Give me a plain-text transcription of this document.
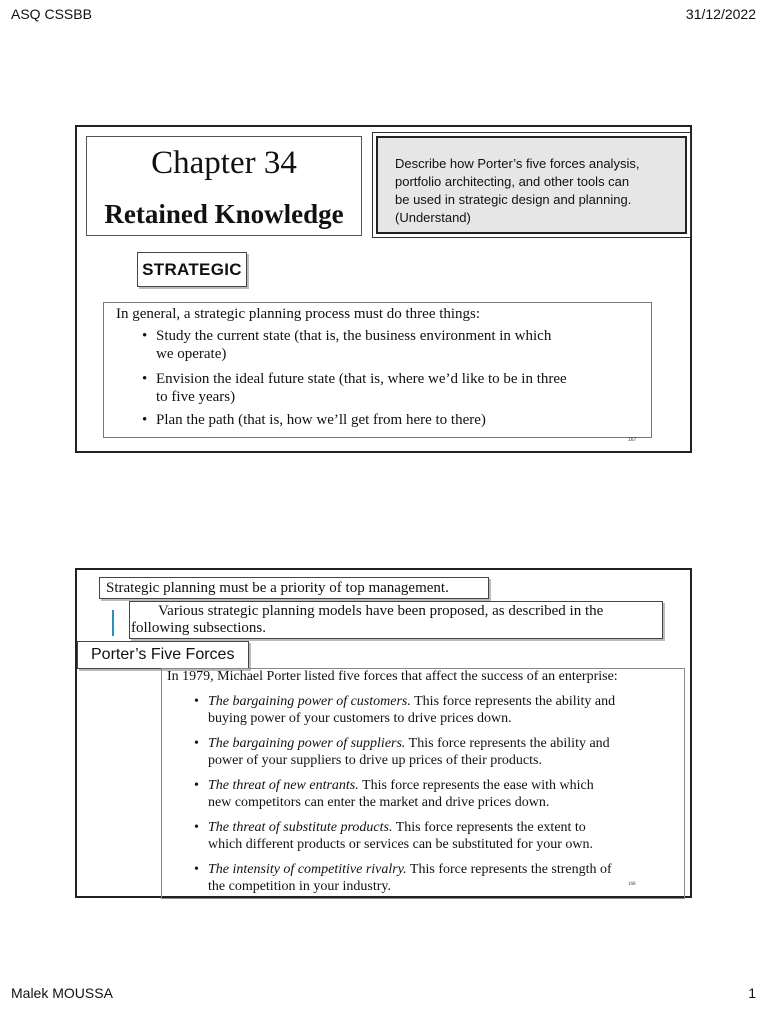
ASQ CSSBB	31/12/2022
Chapter 34
Retained Knowledge
Describe how Porter’s five forces analysis,
portfolio architecting, and other tools can
be used in strategic design and planning.
(Understand)
STRATEGIC
In general, a strategic planning process must do three things:
• Study the current state (that is, the business environment in which
we operate)
• Envision the ideal future state (that is, where we’d like to be in three
to five years)
• Plan the path (that is, how we’ll get from here to there)
167
Strategic planning must be a priority of top management.
Various strategic planning models have been proposed, as described in the
following subsections.
Porter’s Five Forces
In 1979, Michael Porter listed five forces that affect the success of an enterprise:
• The bargaining power of customers. This force represents the ability and
buying power of your customers to drive prices down.
• The bargaining power of suppliers. This force represents the ability and
power of your suppliers to drive up prices of their products.
• The threat of new entrants. This force represents the ease with which
new competitors can enter the market and drive prices down.
• The threat of substitute products. This force represents the extent to
which different products or services can be substituted for your own.
• The intensity of competitive rivalry. This force represents the strength of
the competition in your industry.	168
Malek MOUSSA	1
